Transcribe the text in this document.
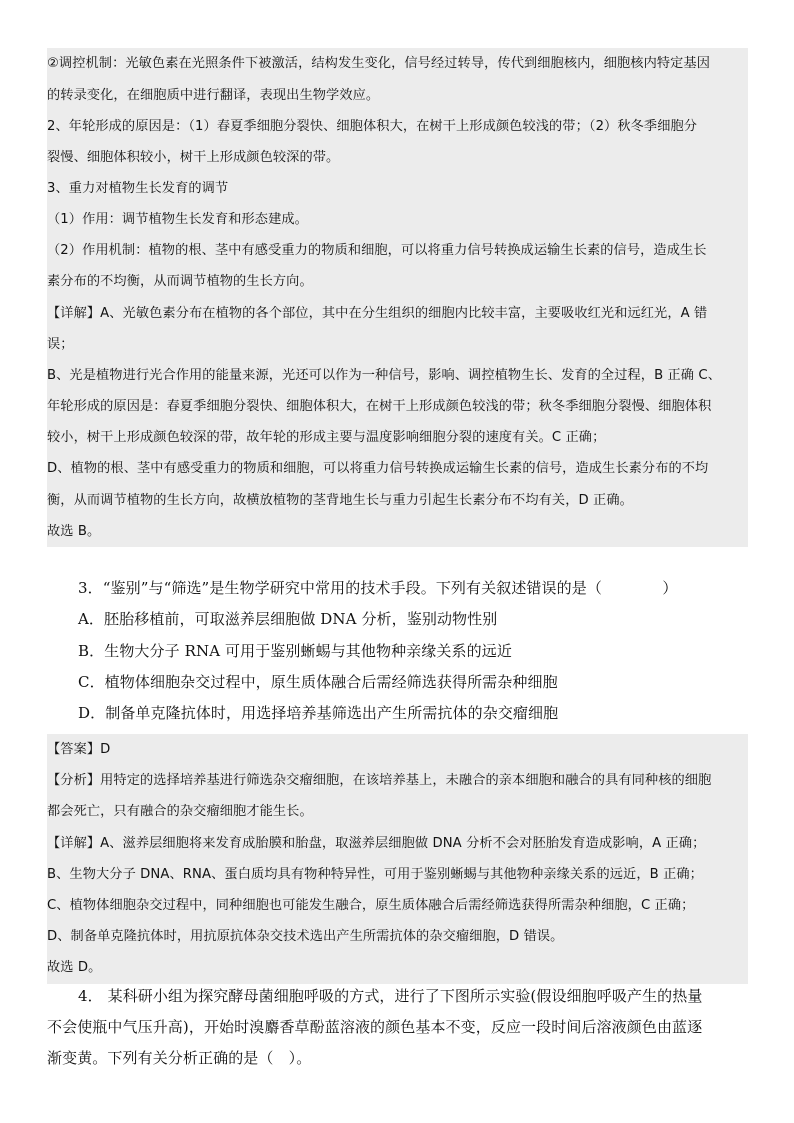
②调控机制：光敏色素在光照条件下被激活，结构发生变化，信号经过转导，传代到细胞核内，细胞核内特定基因
的转录变化，在细胞质中进行翻译，表现出生物学效应。
2、年轮形成的原因是：（1）春夏季细胞分裂快、细胞体积大，在树干上形成颜色较浅的带；（2）秋冬季细胞分
裂慢、细胞体积较小，树干上形成颜色较深的带。
3、重力对植物生长发育的调节
（1）作用：调节植物生长发育和形态建成。
（2）作用机制：植物的根、茎中有感受重力的物质和细胞，可以将重力信号转换成运输生长素的信号，造成生长
素分布的不均衡，从而调节植物的生长方向。
【详解】A、光敏色素分布在植物的各个部位，其中在分生组织的细胞内比较丰富，主要吸收红光和远红光，A 错
误；
B、光是植物进行光合作用的能量来源，光还可以作为一种信号，影响、调控植物生长、发育的全过程，B 正确 C、
年轮形成的原因是：春夏季细胞分裂快、细胞体积大，在树干上形成颜色较浅的带；秋冬季细胞分裂慢、细胞体积
较小，树干上形成颜色较深的带，故年轮的形成主要与温度影响细胞分裂的速度有关。C 正确；
D、植物的根、茎中有感受重力的物质和细胞，可以将重力信号转换成运输生长素的信号，造成生长素分布的不均
衡，从而调节植物的生长方向，故横放植物的茎背地生长与重力引起生长素分布不均有关，D 正确。
故选 B。
3．“鉴别”与“筛选”是生物学研究中常用的技术手段。下列有关叙述错误的是（　　　　）
A．胚胎移植前，可取滋养层细胞做 DNA 分析，鉴别动物性别
B．生物大分子 RNA 可用于鉴别蜥蜴与其他物种亲缘关系的远近
C．植物体细胞杂交过程中，原生质体融合后需经筛选获得所需杂种细胞
D．制备单克隆抗体时，用选择培养基筛选出产生所需抗体的杂交瘤细胞
【答案】D
【分析】用特定的选择培养基进行筛选杂交瘤细胞，在该培养基上，未融合的亲本细胞和融合的具有同种核的细胞
都会死亡，只有融合的杂交瘤细胞才能生长。
【详解】A、滋养层细胞将来发育成胎膜和胎盘，取滋养层细胞做 DNA 分析不会对胚胎发育造成影响，A 正确；
B、生物大分子 DNA、RNA、蛋白质均具有物种特异性，可用于鉴别蜥蜴与其他物种亲缘关系的远近，B 正确；
C、植物体细胞杂交过程中，同种细胞也可能发生融合，原生质体融合后需经筛选获得所需杂种细胞，C 正确；
D、制备单克隆抗体时，用抗原抗体杂交技术选出产生所需抗体的杂交瘤细胞，D 错误。
故选 D。
4． 某科研小组为探究酵母菌细胞呼吸的方式，进行了下图所示实验(假设细胞呼吸产生的热量
不会使瓶中气压升高)，开始时溴麝香草酚蓝溶液的颜色基本不变，反应一段时间后溶液颜色由蓝逐
渐变黄。下列有关分析正确的是（　）。
